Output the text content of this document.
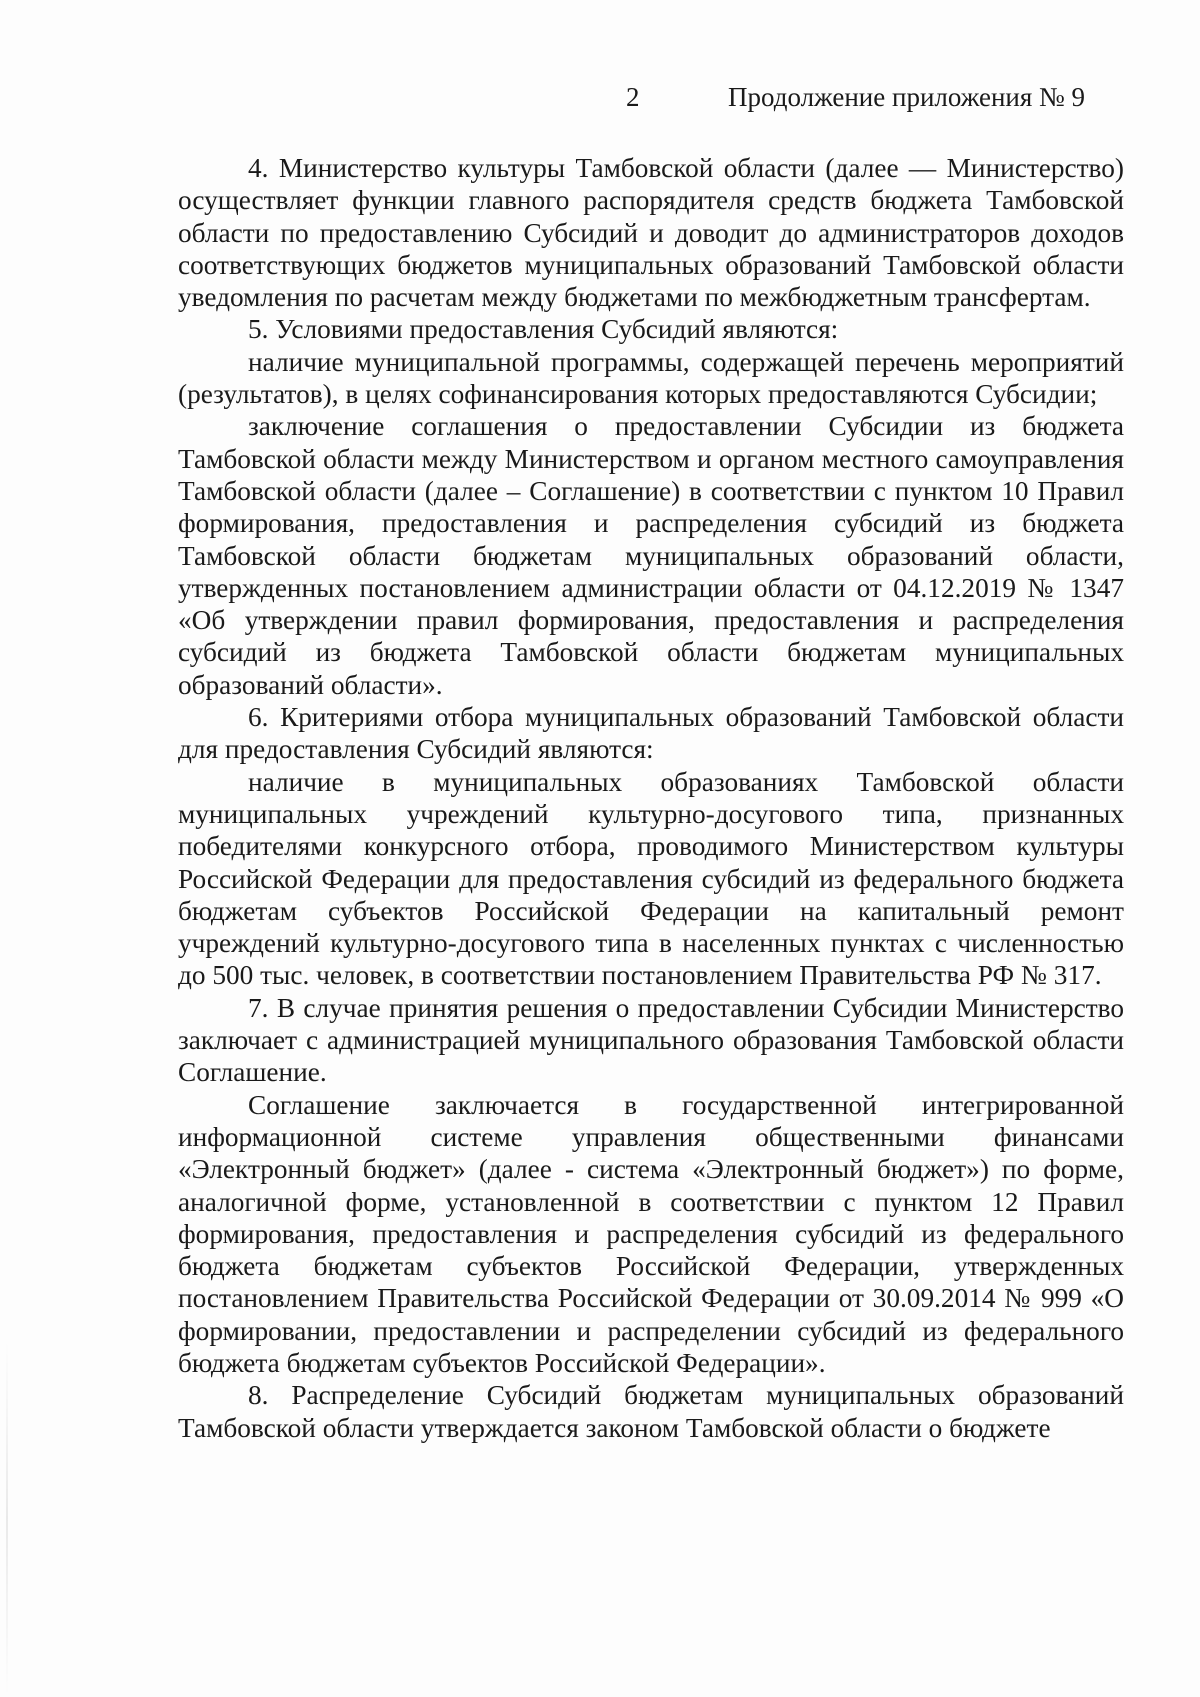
2	Продолжение приложения № 9

4. Министерство культуры Тамбовской области (далее — Министерство) осуществляет функции главного распорядителя средств бюджета Тамбовской области по предоставлению Субсидий и доводит до администраторов доходов соответствующих бюджетов муниципальных образований Тамбовской области уведомления по расчетам между бюджетами по межбюджетным трансфертам.

5. Условиями предоставления Субсидий являются:

наличие муниципальной программы, содержащей перечень мероприятий (результатов), в целях софинансирования которых предоставляются Субсидии;

заключение соглашения о предоставлении Субсидии из бюджета Тамбовской области между Министерством и органом местного самоуправления Тамбовской области (далее – Соглашение) в соответствии с пунктом 10 Правил формирования, предоставления и распределения субсидий из бюджета Тамбовской области бюджетам муниципальных образований области, утвержденных постановлением администрации области от 04.12.2019 № 1347 «Об утверждении правил формирования, предоставления и распределения субсидий из бюджета Тамбовской области бюджетам муниципальных образований области».

6. Критериями отбора муниципальных образований Тамбовской области для предоставления Субсидий являются:

наличие в муниципальных образованиях Тамбовской области муниципальных учреждений культурно-досугового типа, признанных победителями конкурсного отбора, проводимого Министерством культуры Российской Федерации для предоставления субсидий из федерального бюджета бюджетам субъектов Российской Федерации на капитальный ремонт учреждений культурно-досугового типа в населенных пунктах с численностью до 500 тыс. человек, в соответствии постановлением Правительства РФ № 317.

7. В случае принятия решения о предоставлении Субсидии Министерство заключает с администрацией муниципального образования Тамбовской области Соглашение.

Соглашение заключается в государственной интегрированной информационной системе управления общественными финансами «Электронный бюджет» (далее - система «Электронный бюджет») по форме, аналогичной форме, установленной в соответствии с пунктом 12 Правил формирования, предоставления и распределения субсидий из федерального бюджета бюджетам субъектов Российской Федерации, утвержденных постановлением Правительства Российской Федерации от 30.09.2014 № 999 «О формировании, предоставлении и распределении субсидий из федерального бюджета бюджетам субъектов Российской Федерации».

8. Распределение Субсидий бюджетам муниципальных образований Тамбовской области утверждается законом Тамбовской области о бюджете
